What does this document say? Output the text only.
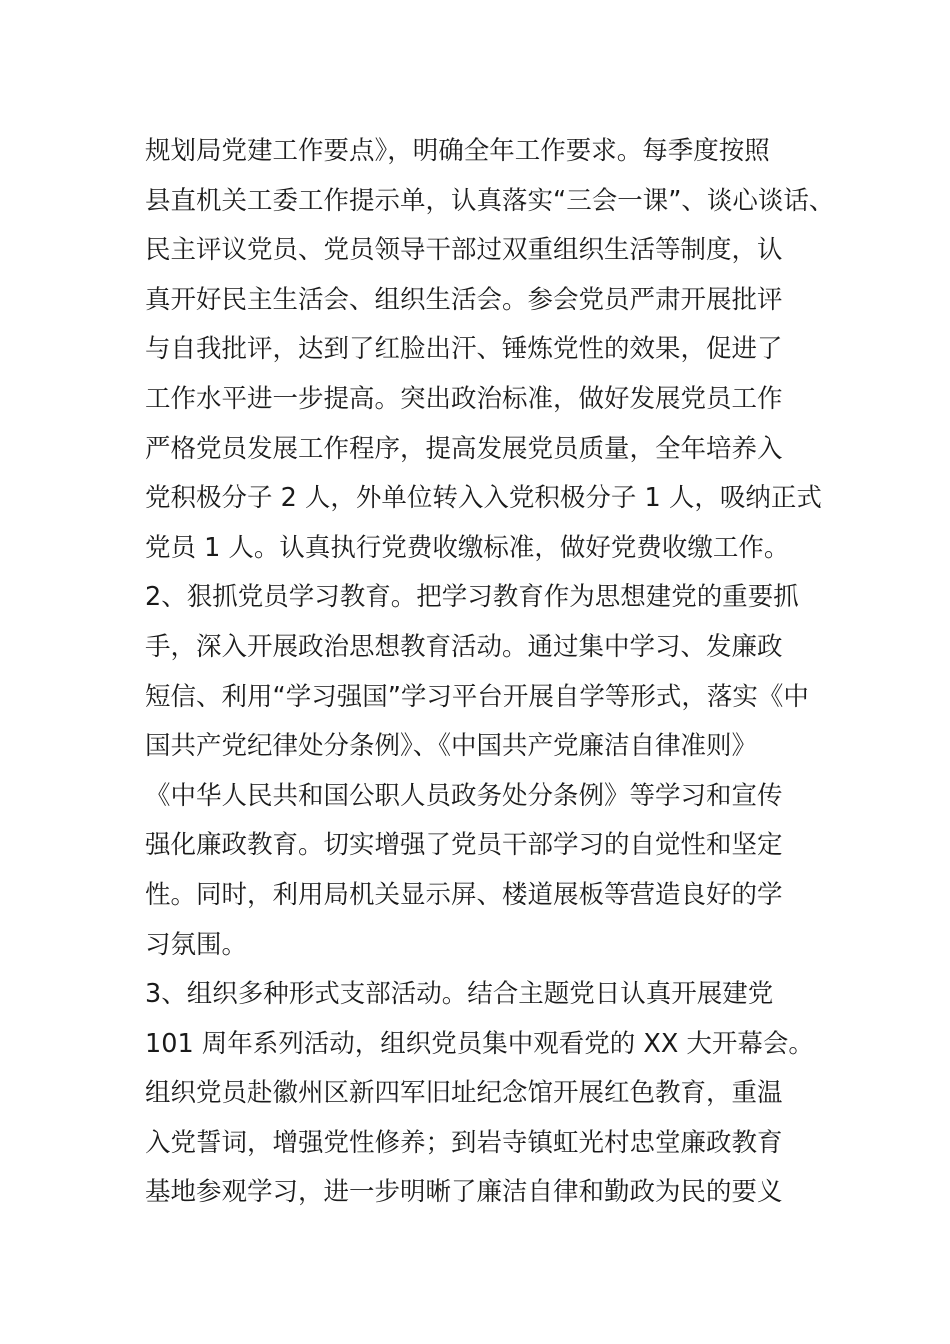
规划局党建工作要点》，明确全年工作要求。每季度按照
县直机关工委工作提示单，认真落实“三会一课”、谈心谈话、
民主评议党员、党员领导干部过双重组织生活等制度，认
真开好民主生活会、组织生活会。参会党员严肃开展批评
与自我批评，达到了红脸出汗、锤炼党性的效果，促进了
工作水平进一步提高。突出政治标准，做好发展党员工作
严格党员发展工作程序，提高发展党员质量，全年培养入
党积极分子 2 人，外单位转入入党积极分子 1 人，吸纳正式
党员 1 人。认真执行党费收缴标准，做好党费收缴工作。
2、狠抓党员学习教育。把学习教育作为思想建党的重要抓
手，深入开展政治思想教育活动。通过集中学习、发廉政
短信、利用“学习强国”学习平台开展自学等形式，落实《中
国共产党纪律处分条例》、《中国共产党廉洁自律准则》
《中华人民共和国公职人员政务处分条例》等学习和宣传
强化廉政教育。切实增强了党员干部学习的自觉性和坚定
性。同时，利用局机关显示屏、楼道展板等营造良好的学
习氛围。
3、组织多种形式支部活动。结合主题党日认真开展建党
101 周年系列活动，组织党员集中观看党的 XX 大开幕会。
组织党员赴徽州区新四军旧址纪念馆开展红色教育，重温
入党誓词，增强党性修养；到岩寺镇虹光村忠堂廉政教育
基地参观学习，进一步明晰了廉洁自律和勤政为民的要义
